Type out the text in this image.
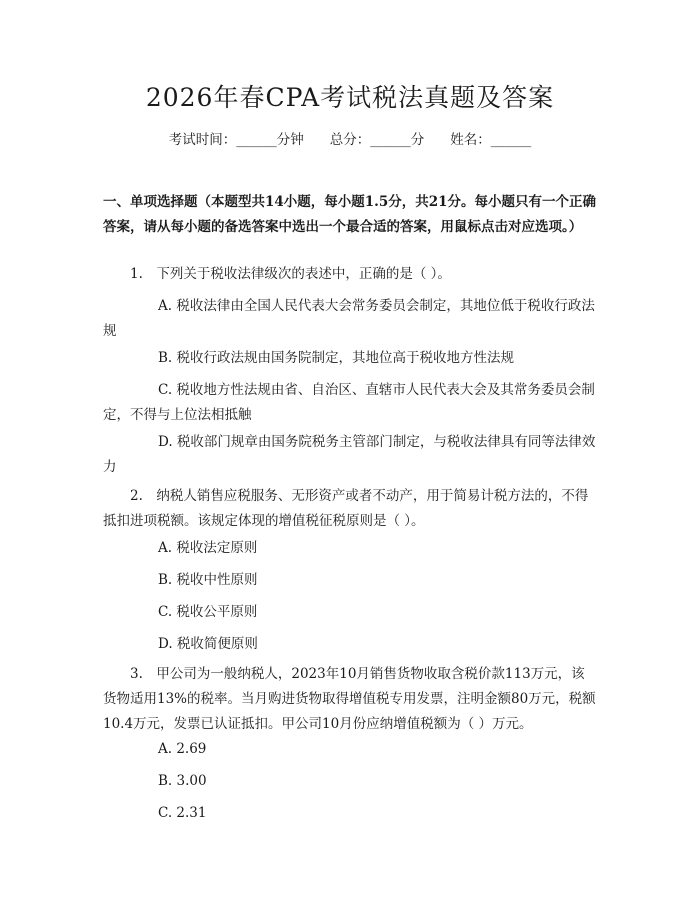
2026年春CPA考试税法真题及答案
考试时间：______分钟 总分：______分 姓名：______
一、单项选择题（本题型共14小题，每小题1.5分，共21分。每小题只有一个正确答案，请从每小题的备选答案中选出一个最合适的答案，用鼠标点击对应选项。）
1.　下列关于税收法律级次的表述中，正确的是（ ）。
A. 税收法律由全国人民代表大会常务委员会制定，其地位低于税收行政法规
B. 税收行政法规由国务院制定，其地位高于税收地方性法规
C. 税收地方性法规由省、自治区、直辖市人民代表大会及其常务委员会制定，不得与上位法相抵触
D. 税收部门规章由国务院税务主管部门制定，与税收法律具有同等法律效力
2.　纳税人销售应税服务、无形资产或者不动产，用于简易计税方法的，不得抵扣进项税额。该规定体现的增值税征税原则是（ ）。
A. 税收法定原则
B. 税收中性原则
C. 税收公平原则
D. 税收简便原则
3.　甲公司为一般纳税人，2023年10月销售货物收取含税价款113万元，该货物适用13%的税率。当月购进货物取得增值税专用发票，注明金额80万元，税额10.4万元，发票已认证抵扣。甲公司10月份应纳增值税额为（ ）万元。
A. 2.69
B. 3.00
C. 2.31
